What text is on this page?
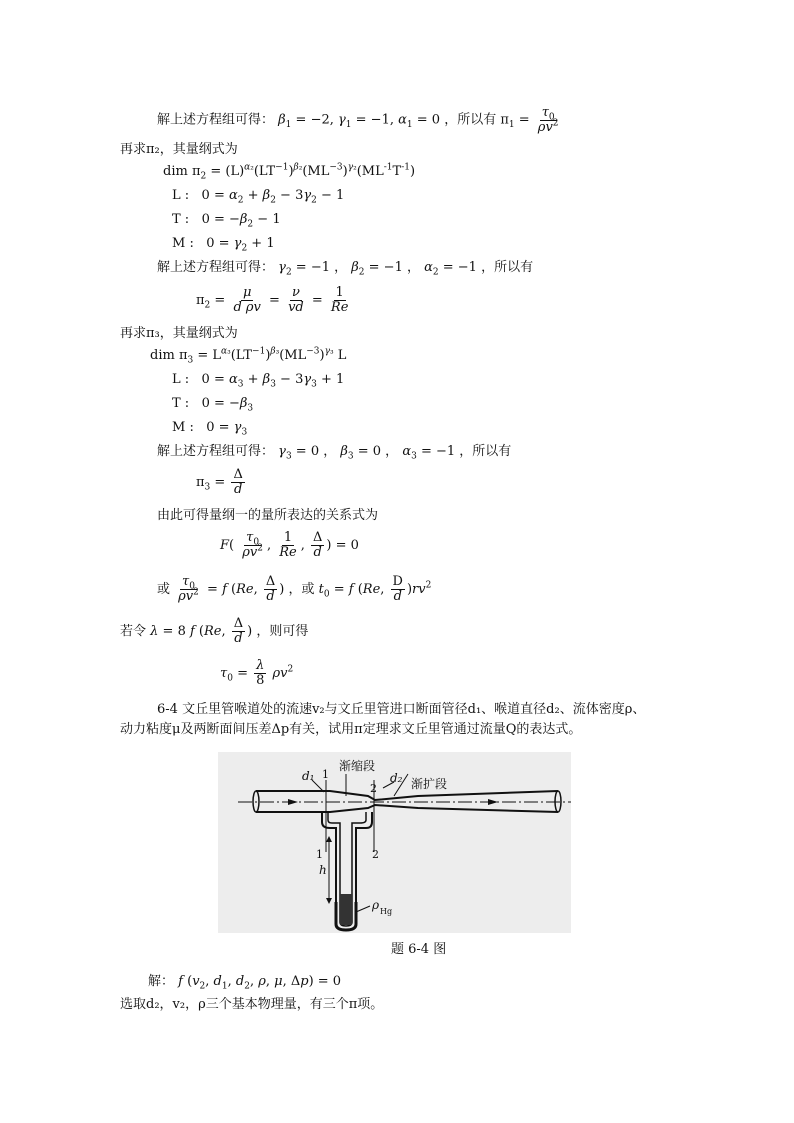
解上述方程组可得： $\beta_1 = -2$, $\gamma_1 = -1$, $\alpha_1 = 0$ ，所以有 $\pi_1 = \frac{\tau_0}{\rho v^2}$
再求π₂，其量纲式为
dim $\pi_2 = (L)^{\alpha_2}(LT^{-1})^{\beta_2}(ML^{-3})^{\gamma_2}(ML^{-1}T^{-1})$
L :   $0 = \alpha_2 + \beta_2 - 3\gamma_2 - 1$
T :   $0 = -\beta_2 - 1$
M :   $0 = \gamma_2 + 1$
解上述方程组可得： $\gamma_2 = -1$ ， $\beta_2 = -1$ ， $\alpha_2 = -1$ ，所以有
$\pi_2 = \frac{\mu}{\text{d ρv}} = \frac{\nu}{vd} = \frac{1}{Re}$
再求π₃，其量纲式为
dim $\pi_3 = L^{\alpha_3}(LT^{-1})^{\beta_3}(ML^{-3})^{\gamma_3}$ L
L :   $0 = \alpha_3 + \beta_3 - 3\gamma_3 + 1$
T :   $0 = -\beta_3$
M :   $0 = \gamma_3$
解上述方程组可得： $\gamma_3 = 0$ ， $\beta_3 = 0$ ， $\alpha_3 = -1$ ，所以有
$\pi_3 = \frac{\Delta}{d}$
由此可得量纲一的量所表达的关系式为
$F( \frac{\tau_0}{\rho v^2}$ , $\frac{1}{Re}$ , $\frac{\Delta}{d}$ ) = 0
或 $\frac{\tau_0}{\rho v^2} = f$ (Re, $\frac{\Delta}{d}$ ) ，或 $t_0 = f$ (Re, $\frac{D}{d} )rv^2$
若令 λ = 8 f (Re, $\frac{\Delta}{d}$ ) ，则可得
$\tau_0 = \frac{\lambda}{8} \rho v^2$
6-4 文丘里管喉道处的流速v₂与文丘里管进口断面管径d₁、喉道直径d₂、流体密度ρ、
动力粘度μ及两断面间压差Δp有关，试用π定理求文丘里管通过流量Q的表达式。
渐缩段
渐扩段
d₁	d₂
1
2
1	2
h
ρ Hg
题 6-4 图
解： f ($v_2$, $d_1$, $d_2$, ρ, μ, Δp) = 0
选取d₂，v₂，ρ三个基本物理量，有三个π项。
